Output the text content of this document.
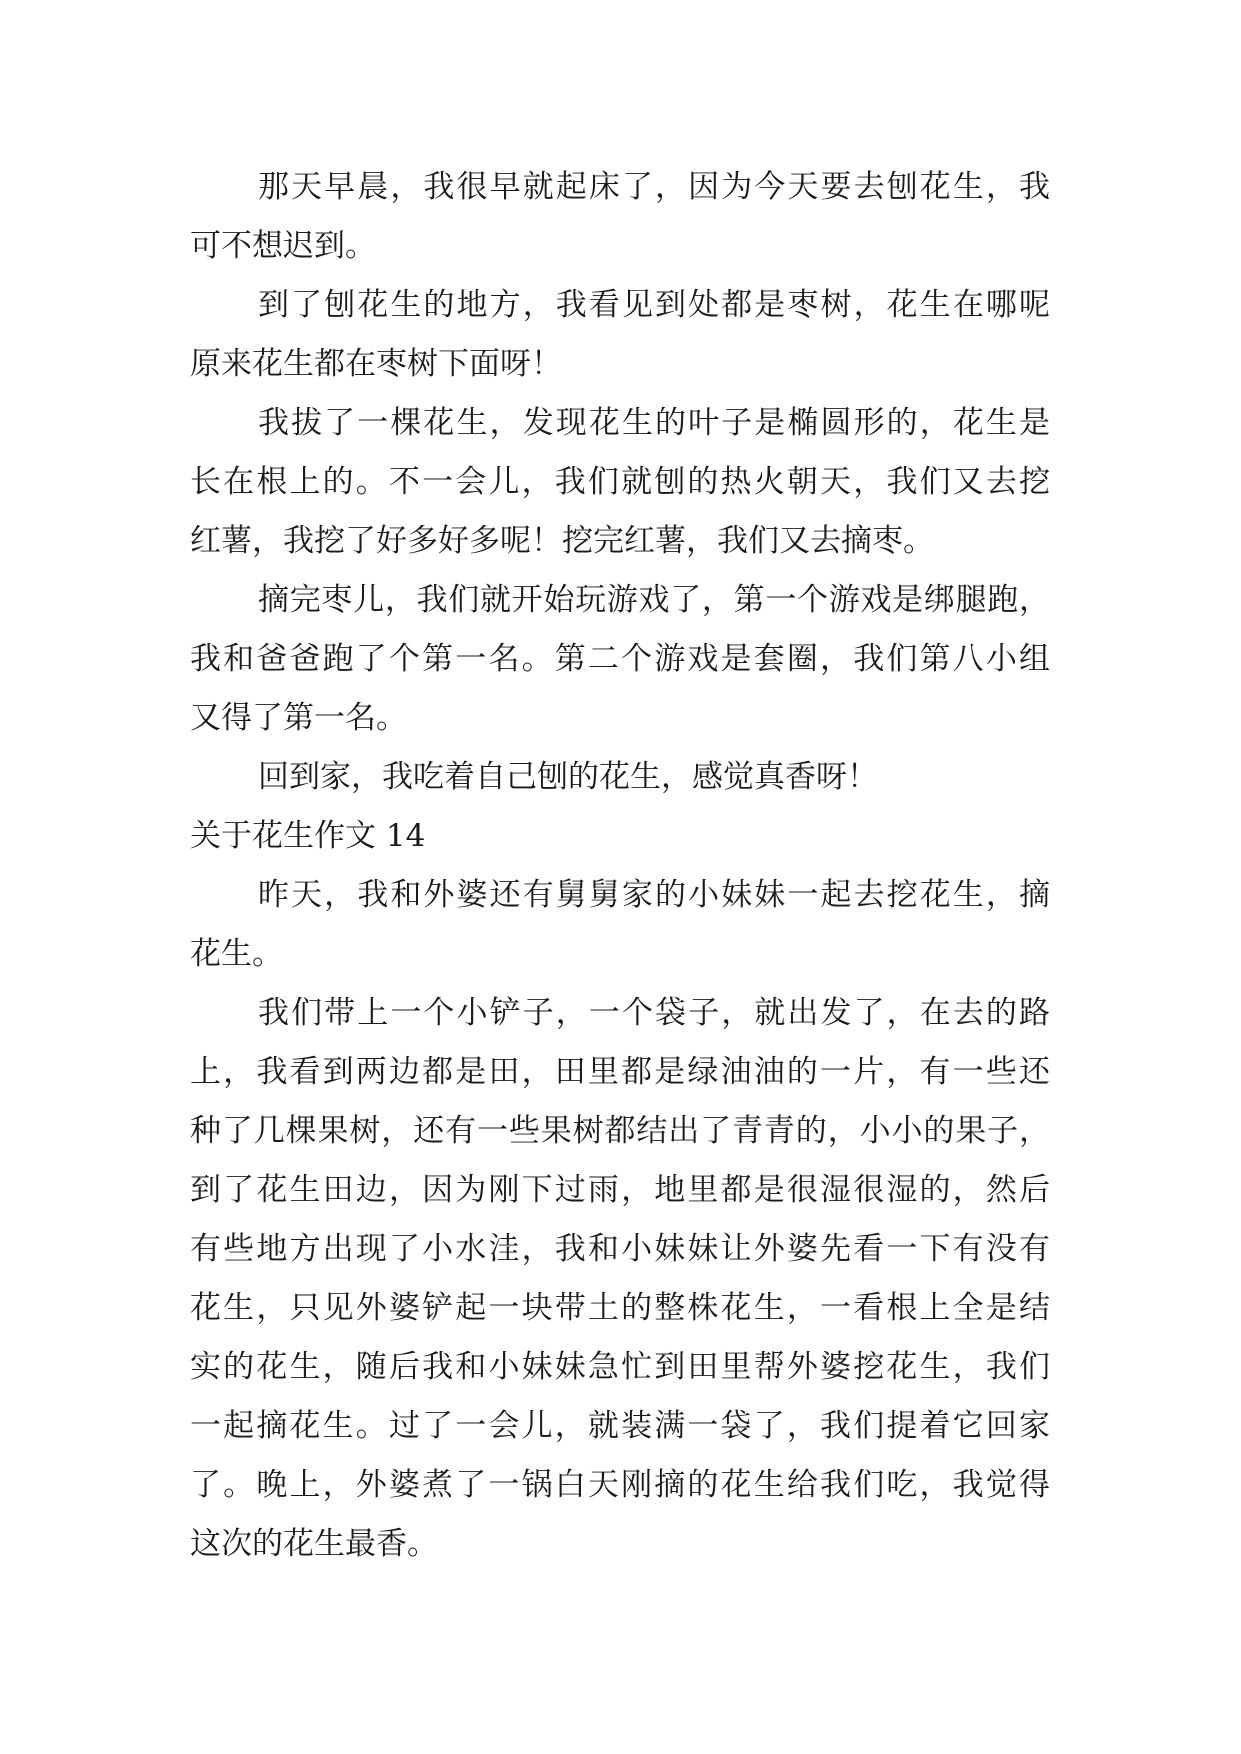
那天早晨，我很早就起床了，因为今天要去刨花生，我
可不想迟到。
到了刨花生的地方，我看见到处都是枣树，花生在哪呢
原来花生都在枣树下面呀！
我拔了一棵花生，发现花生的叶子是椭圆形的，花生是
长在根上的。不一会儿，我们就刨的热火朝天，我们又去挖
红薯，我挖了好多好多呢！挖完红薯，我们又去摘枣。
摘完枣儿，我们就开始玩游戏了，第一个游戏是绑腿跑，
我和爸爸跑了个第一名。第二个游戏是套圈，我们第八小组
又得了第一名。
回到家，我吃着自己刨的花生，感觉真香呀！
关于花生作文 14
昨天，我和外婆还有舅舅家的小妹妹一起去挖花生，摘
花生。
我们带上一个小铲子，一个袋子，就出发了，在去的路
上，我看到两边都是田，田里都是绿油油的一片，有一些还
种了几棵果树，还有一些果树都结出了青青的，小小的果子，
到了花生田边，因为刚下过雨，地里都是很湿很湿的，然后
有些地方出现了小水洼，我和小妹妹让外婆先看一下有没有
花生，只见外婆铲起一块带土的整株花生，一看根上全是结
实的花生，随后我和小妹妹急忙到田里帮外婆挖花生，我们
一起摘花生。过了一会儿，就装满一袋了，我们提着它回家
了。晚上，外婆煮了一锅白天刚摘的花生给我们吃，我觉得
这次的花生最香。
